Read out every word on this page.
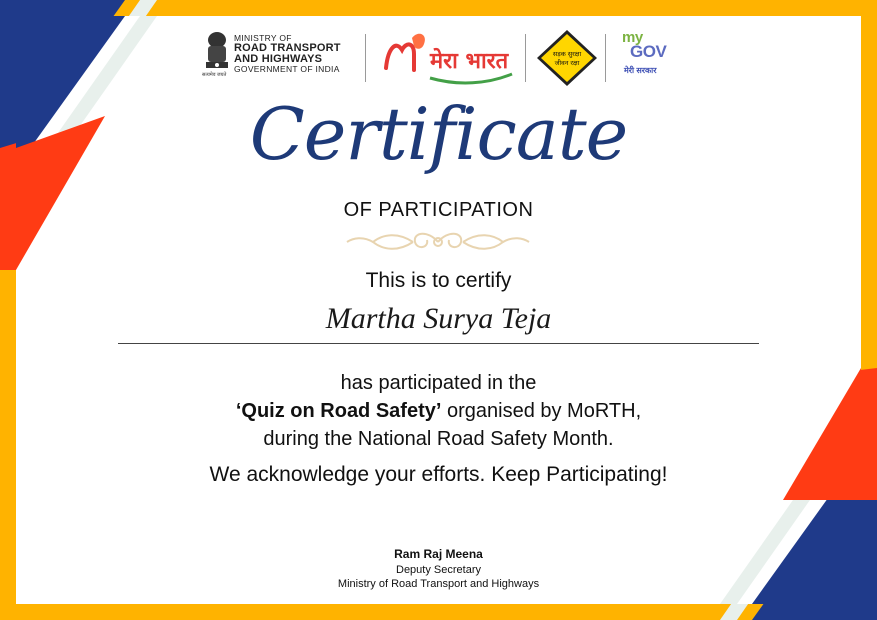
सत्यमेव जयते
MINISTRY OF
ROAD TRANSPORT
AND HIGHWAYS
GOVERNMENT OF INDIA	मेरा भारत	सड़क सुरक्षा
जीवन रक्षा
my
GOV
मेरी सरकार
Certificate
OF PARTICIPATION
This is to certify
Martha Surya Teja
has participated in the
‘Quiz on Road Safety’ organised by MoRTH,
during the National Road Safety Month.
We acknowledge your efforts. Keep Participating!
Ram Raj Meena
Deputy Secretary
Ministry of Road Transport and Highways
